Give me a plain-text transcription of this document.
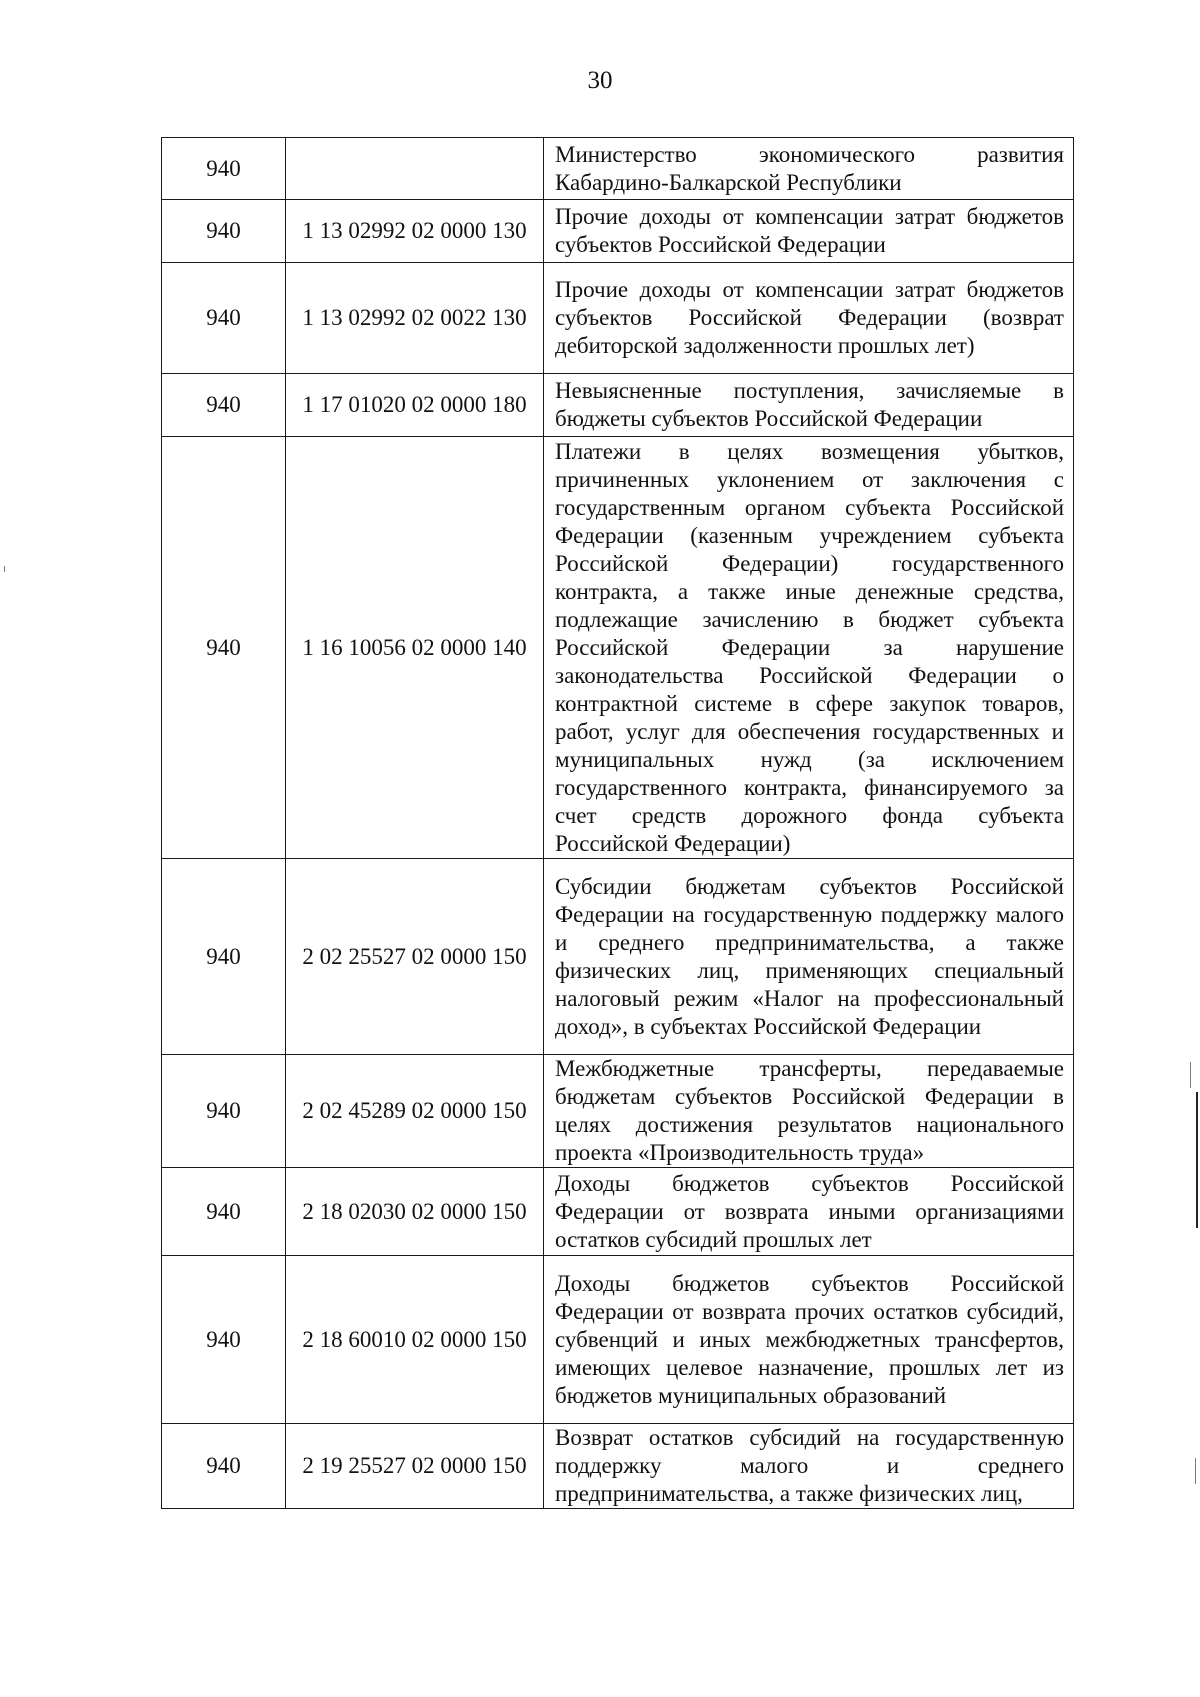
30
940		Министерство экономического развития Кабардино-Балкарской Республики

940	1 13 02992 02 0000 130	Прочие доходы от компенсации затрат бюджетов субъектов Российской Федерации

940	1 13 02992 02 0022 130	Прочие доходы от компенсации затрат бюджетов субъектов Российской Федерации (возврат дебиторской задолженности прошлых лет)

940	1 17 01020 02 0000 180	Невыясненные поступления, зачисляемые в бюджеты субъектов Российской Федерации

940	1 16 10056 02 0000 140	Платежи в целях возмещения убытков, причиненных уклонением от заключения с государственным органом субъекта Российской Федерации (казенным учреждением субъекта Российской Федерации) государственного контракта, а также иные денежные средства, подлежащие зачислению в бюджет субъекта Российской Федерации за нарушение законодательства Российской Федерации о контрактной системе в сфере закупок товаров, работ, услуг для обеспечения государственных и муниципальных нужд (за исключением государственного контракта, финансируемого за счет средств дорожного фонда субъекта Российской Федерации)

940	2 02 25527 02 0000 150	Субсидии бюджетам субъектов Российской Федерации на государственную поддержку малого и среднего предпринимательства, а также физических лиц, применяющих специальный налоговый режим «Налог на профессиональный доход», в субъектах Российской Федерации

940	2 02 45289 02 0000 150	Межбюджетные трансферты, передаваемые бюджетам субъектов Российской Федерации в целях достижения результатов национального проекта «Производительность труда»

940	2 18 02030 02 0000 150	Доходы бюджетов субъектов Российской Федерации от возврата иными организациями остатков субсидий прошлых лет

940	2 18 60010 02 0000 150	Доходы бюджетов субъектов Российской Федерации от возврата прочих остатков субсидий, субвенций и иных межбюджетных трансфертов, имеющих целевое назначение, прошлых лет из бюджетов муниципальных образований

940	2 19 25527 02 0000 150	Возврат остатков субсидий на государственную поддержку малого и среднего предпринимательства, а также физических лиц,
